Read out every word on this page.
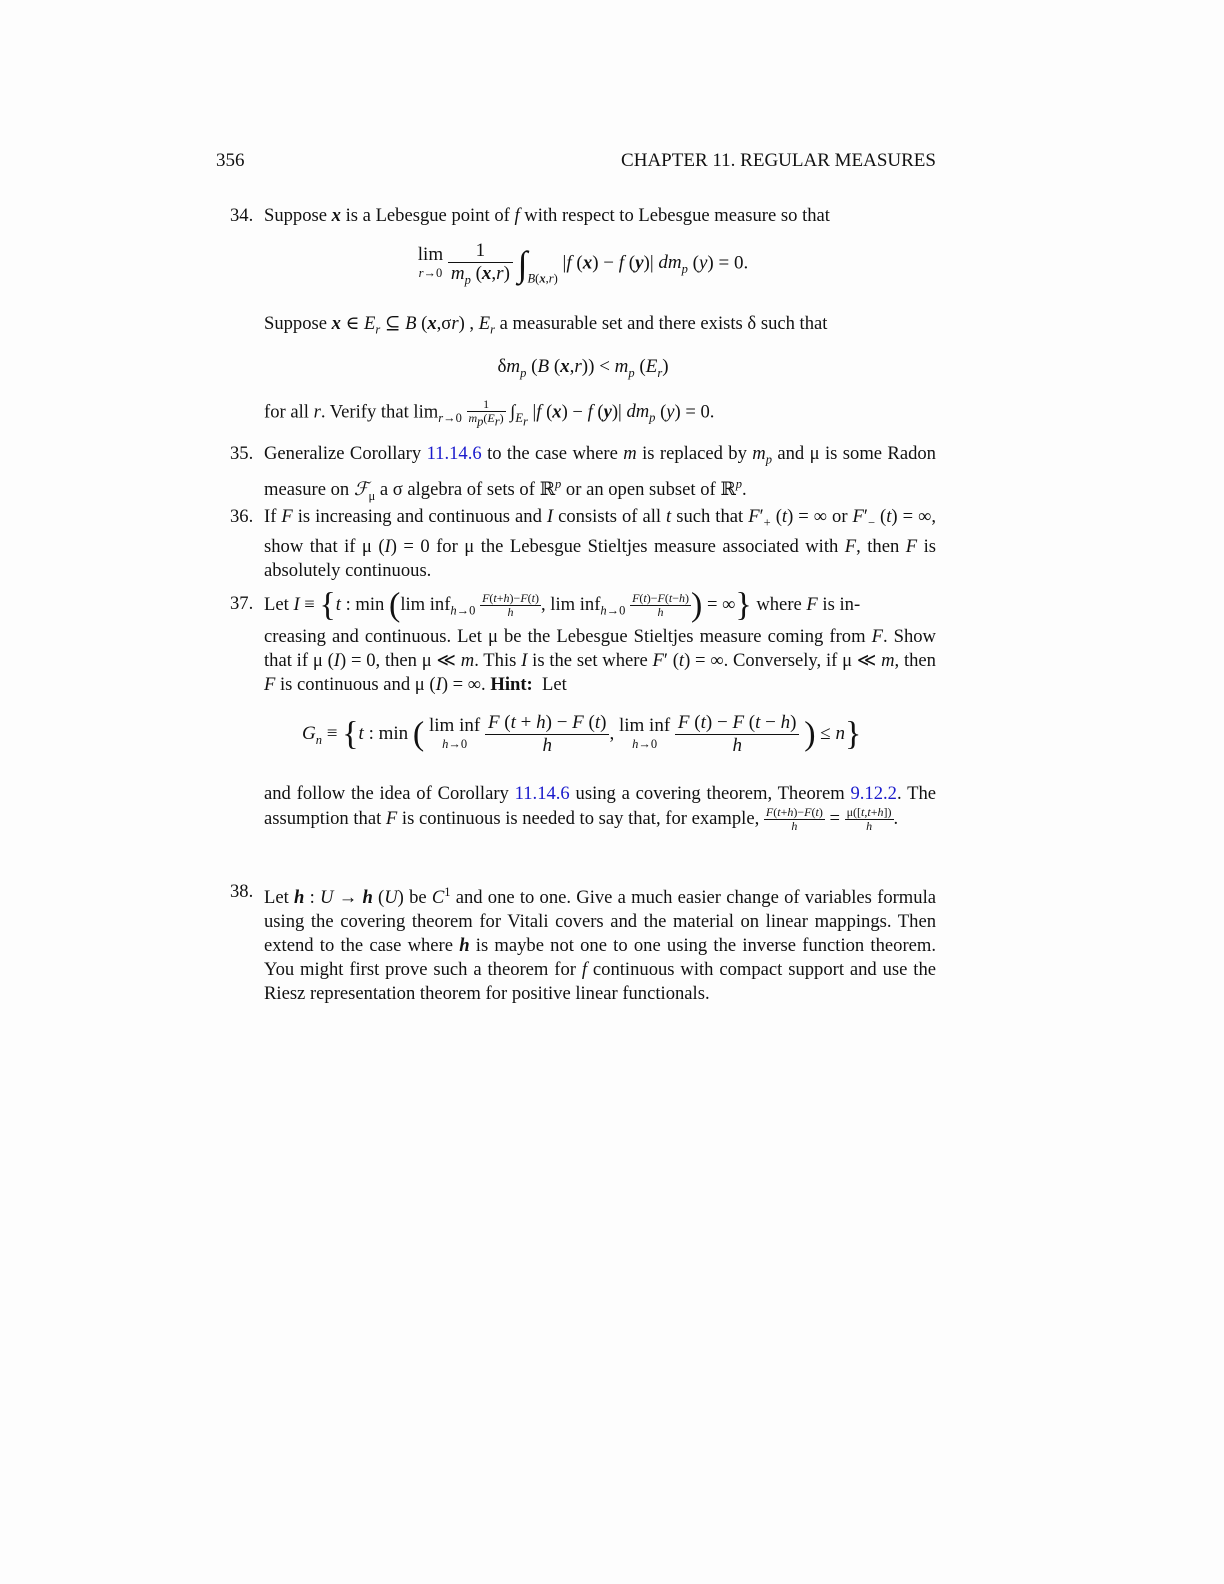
356	CHAPTER 11. REGULAR MEASURES
34. Suppose x is a Lebesgue point of f with respect to Lebesgue measure so that
lim
r→0
$\frac{1}{m_p (x,r)} \int_{B(x,r)}$ |f (x) − f (y)| $dm_p$ (y) = 0.
Suppose x ∈ $E_r$ ⊆ B (x,σr) , $E_r$ a measurable set and there exists δ such that
$\delta m_p$ (B $(x,r)) < m_p$ $(E_r)$
for all r. Verify that $\lim_{r\to 0} \frac{1}{m_p(E_r)} \int_{E_r}$ |f (x) − f (y)| $dm_p$ (y) = 0.
35. Generalize Corollary 11.14.6 to the case where m is replaced by $m_p$ and μ is some Radon measure on ℱ$_\mu$ a σ algebra of sets of ℝ$^p$ or an open subset of ℝ$^p$.
36. If F is increasing and continuous and I consists of all t such that $F'_+$ (t) = ∞ or $F'_-$ (t) = ∞, show that if μ (I) = 0 for μ the Lebesgue Stieltjes measure associated with F, then F is absolutely continuous.
37. Let I ≡ {t : min (lim $inf_{h\to 0} \frac{F(t+h)-F(t)}{h}$ , $\lim inf_{h\to 0} \frac{F(t)-F(t-h)}{h}$ ) = ∞} where F is in-
creasing and continuous. Let μ be the Lebesgue Stieltjes measure coming from F. Show that if μ (I) = 0, then μ ≪ m. This I is the set where F′ (t) = ∞. Conversely, if μ ≪ m, then F is continuous and μ (I) = ∞. Hint: Let
$G_n \equiv \{t$ : min ( lim inf
h→0
$\frac{F (t + h) - F (t)}{h}$ , lim inf
h→0
$\frac{F (t) - F (t - h)}{h}$ ) ≤ n}
and follow the idea of Corollary 11.14.6 using a covering theorem, Theorem 9.12.2. The assumption that F is continuous is needed to say that, for example, $\frac{F(t+h)-F(t)}{h} = \frac{\mu([t,t+h])}{h}$ .
38. Let h : U → h (U) be $C^1$ and one to one. Give a much easier change of variables formula using the covering theorem for Vitali covers and the material on linear mappings. Then extend to the case where h is maybe not one to one using the inverse function theorem. You might first prove such a theorem for f continuous with compact support and use the Riesz representation theorem for positive linear functionals.
